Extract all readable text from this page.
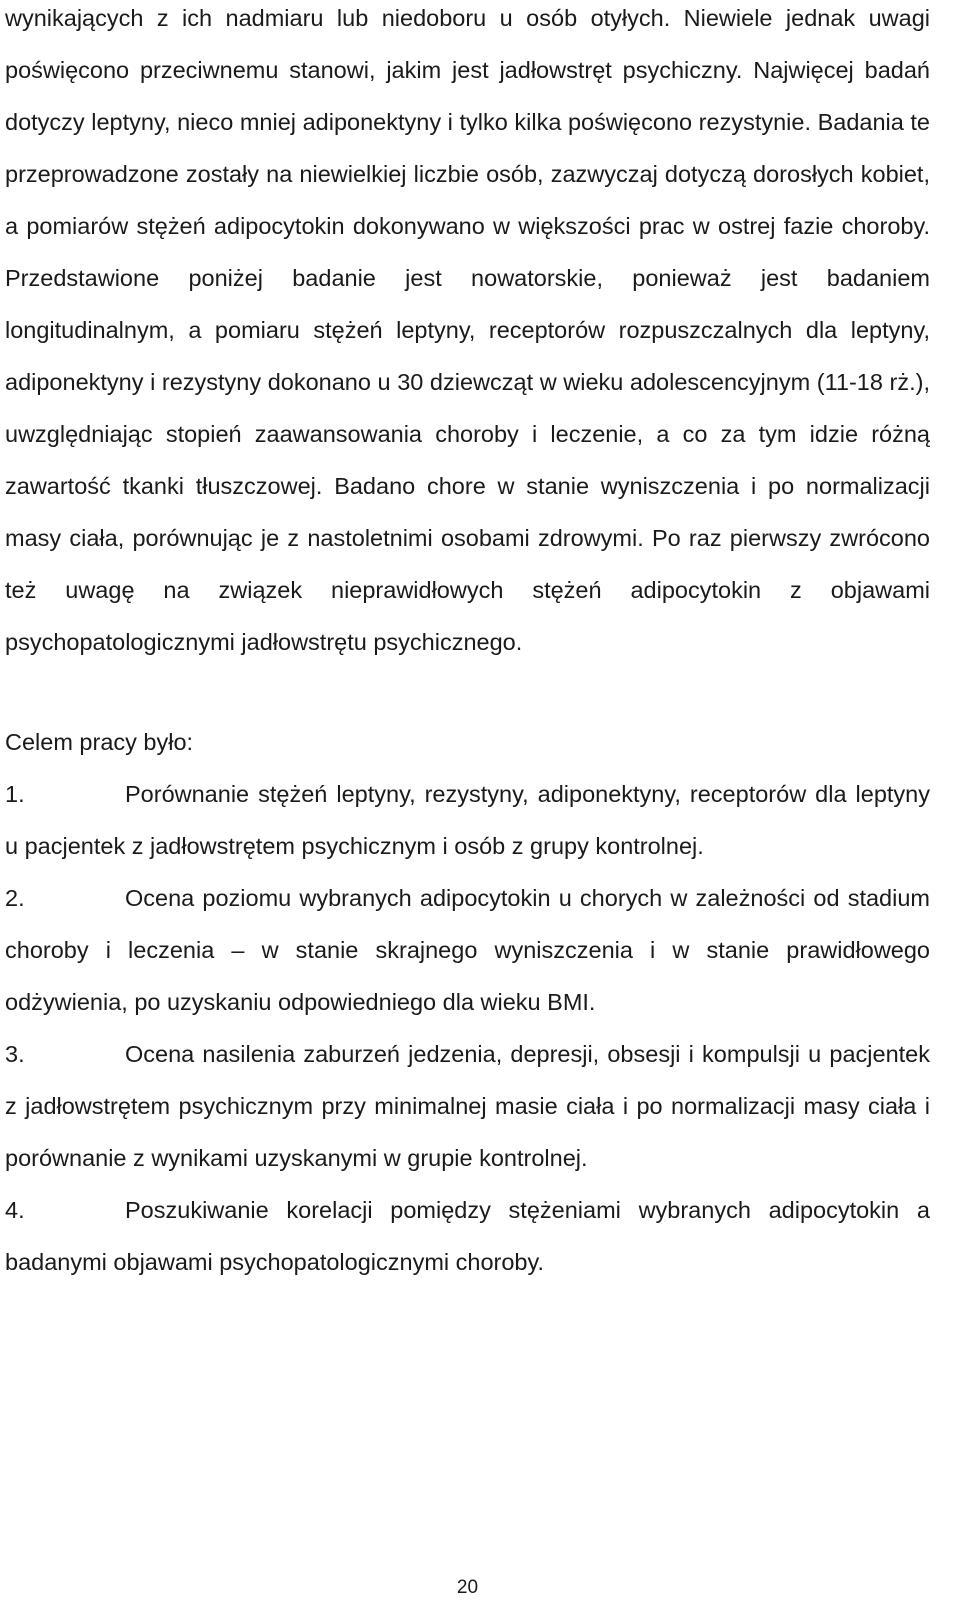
wynikających z ich nadmiaru lub niedoboru u osób otyłych. Niewiele jednak uwagi poświęcono przeciwnemu stanowi, jakim jest jadłowstręt psychiczny. Najwięcej badań dotyczy leptyny, nieco mniej adiponektyny i tylko kilka poświęcono rezystynie. Badania te przeprowadzone zostały na niewielkiej liczbie osób, zazwyczaj dotyczą dorosłych kobiet, a pomiarów stężeń adipocytokin dokonywano w większości prac w ostrej fazie choroby. Przedstawione poniżej badanie jest nowatorskie, ponieważ jest badaniem longitudinalnym, a pomiaru stężeń leptyny, receptorów rozpuszczalnych dla leptyny, adiponektyny i rezystyny dokonano u 30 dziewcząt w wieku adolescencyjnym (11-18 rż.), uwzględniając stopień zaawansowania choroby i leczenie, a co za tym idzie różną zawartość tkanki tłuszczowej. Badano chore w stanie wyniszczenia i po normalizacji masy ciała, porównując je z nastoletnimi osobami zdrowymi. Po raz pierwszy zwrócono też uwagę na związek nieprawidłowych stężeń adipocytokin z objawami psychopatologicznymi jadłowstrętu psychicznego.

Celem pracy było:

1.	Porównanie stężeń leptyny, rezystyny, adiponektyny, receptorów dla leptyny u pacjentek z jadłowstrętem psychicznym i osób z grupy kontrolnej.
2.	Ocena poziomu wybranych adipocytokin u chorych w zależności od stadium choroby i leczenia – w stanie skrajnego wyniszczenia i w stanie prawidłowego odżywienia, po uzyskaniu odpowiedniego dla wieku BMI.
3.	Ocena nasilenia zaburzeń jedzenia, depresji, obsesji i kompulsji u pacjentek z jadłowstrętem psychicznym przy minimalnej masie ciała i po normalizacji masy ciała i porównanie z wynikami uzyskanymi w grupie kontrolnej.
4.	Poszukiwanie korelacji pomiędzy stężeniami wybranych adipocytokin a badanymi objawami psychopatologicznymi choroby.
20
